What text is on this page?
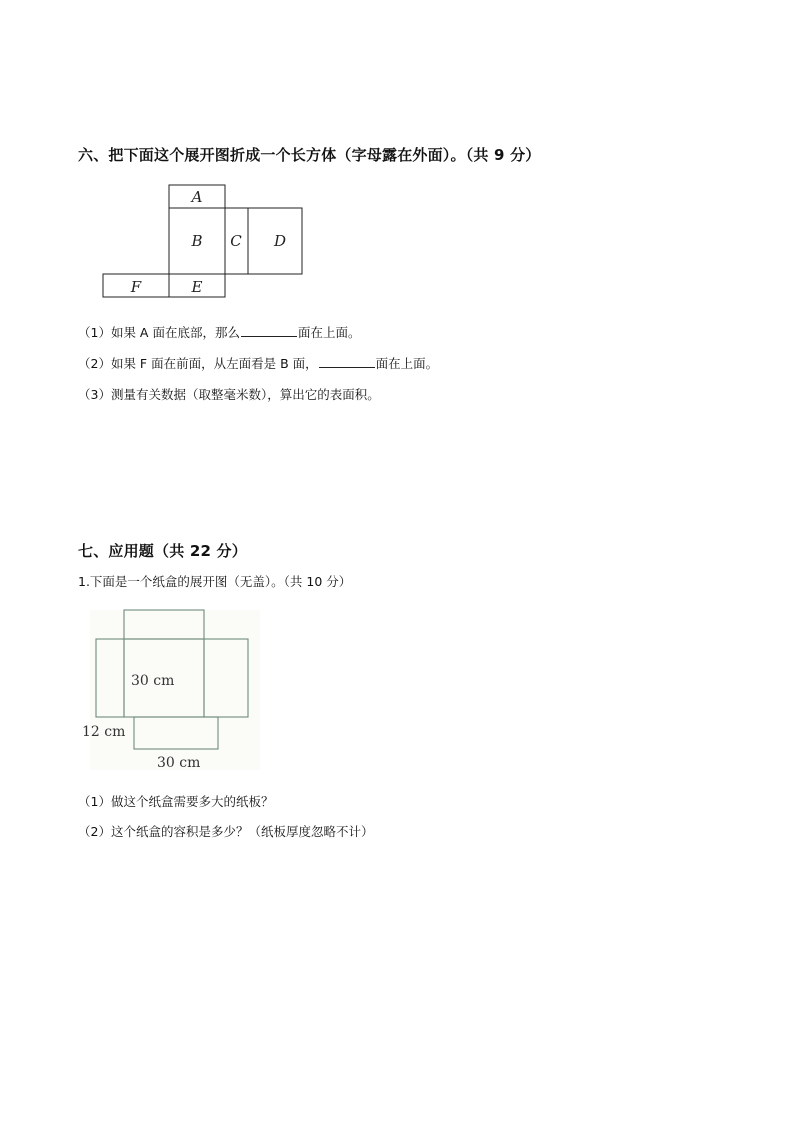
六、把下面这个展开图折成一个长方体（字母露在外面）。（共 9 分）
A
B C D
F	E
（1）如果 A 面在底部，那么	面在上面。
（2）如果 F 面在前面，从左面看是 B 面，	面在上面。
（3）测量有关数据（取整毫米数），算出它的表面积。
七、应用题（共 22 分）
1.下面是一个纸盒的展开图（无盖）。（共 10 分）
30 cm
12 cm
30 cm
（1）做这个纸盒需要多大的纸板？
（2）这个纸盒的容积是多少？（纸板厚度忽略不计）
